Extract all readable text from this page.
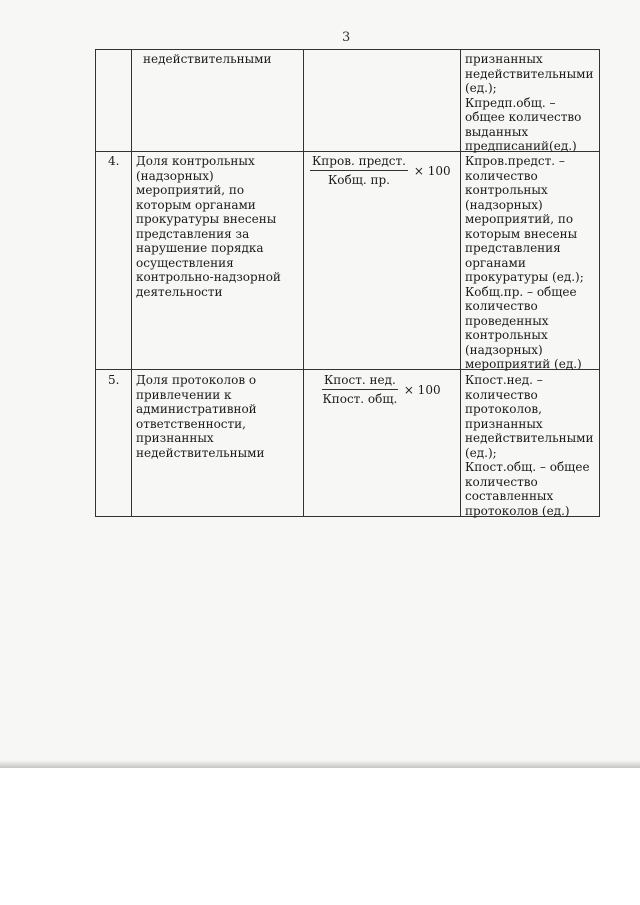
3
недействительными	признанных
недействительными
(ед.);
Кпредп.общ. –
общее количество
выданных
предписаний(ед.)
4. Доля контрольных
(надзорных)
мероприятий, по
которым органами
прокуратуры внесены
представления за
нарушение порядка
осуществления
контрольно-надзорной
деятельности
$\frac{\text{Кпров. предст.}}{\text{Кобщ. пр.}} \times 100$
Кпров.предст. –
количество
контрольных
(надзорных)
мероприятий, по
которым внесены
представления
органами
прокуратуры (ед.);
Кобщ.пр. – общее
количество
проведенных
контрольных
(надзорных)
мероприятий (ед.)
5. Доля протоколов о
привлечении к
административной
ответственности,
признанных
недействительными
$\frac{\text{Кпост. нед.}}{\text{Кпост. общ.}} \times 100$
Кпост.нед. –
количество
протоколов,
признанных
недействительными
(ед.);
Кпост.общ. – общее
количество
составленных
протоколов (ед.)
